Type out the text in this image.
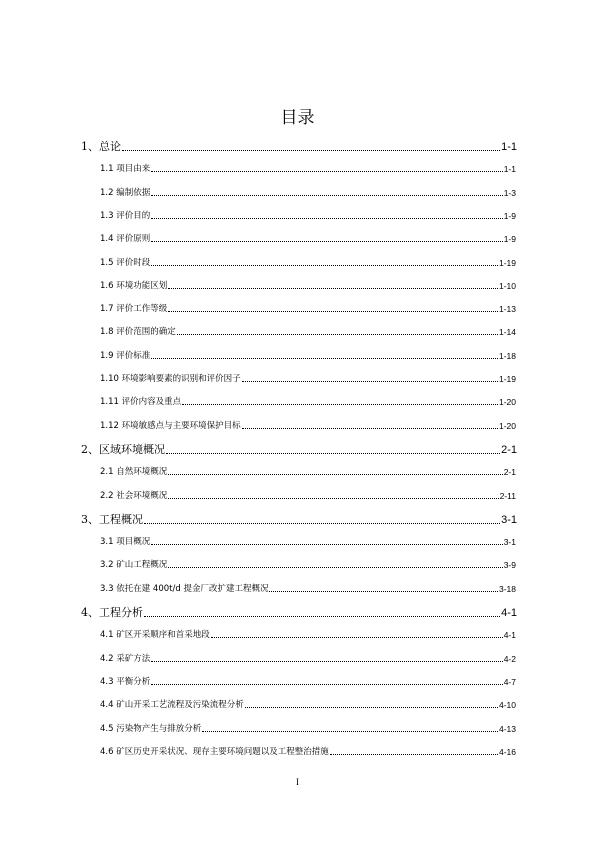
目录
1、总论	1-1
1.1 项目由来	1-1
1.2 编制依据	1-3
1.3 评价目的	1-9
1.4 评价原则	1-9
1.5 评价时段	1-19
1.6 环境功能区划	1-10
1.7 评价工作等级	1-13
1.8 评价范围的确定	1-14
1.9 评价标准	1-18
1.10 环境影响要素的识别和评价因子	1-19
1.11 评价内容及重点	1-20
1.12 环境敏感点与主要环境保护目标	1-20
2、区域环境概况	2-1
2.1 自然环境概况	2-1
2.2 社会环境概况	2-11
3、工程概况	3-1
3.1 项目概况	3-1
3.2 矿山工程概况	3-9
3.3 依托在建 400t/d 提金厂改扩建工程概况	3-18
4、工程分析	4-1
4.1 矿区开采顺序和首采地段	4-1
4.2 采矿方法	4-2
4.3 平衡分析	4-7
4.4 矿山开采工艺流程及污染流程分析	4-10
4.5 污染物产生与排放分析	4-13
4.6 矿区历史开采状况、现存主要环境问题以及工程整治措施	4-16
I
